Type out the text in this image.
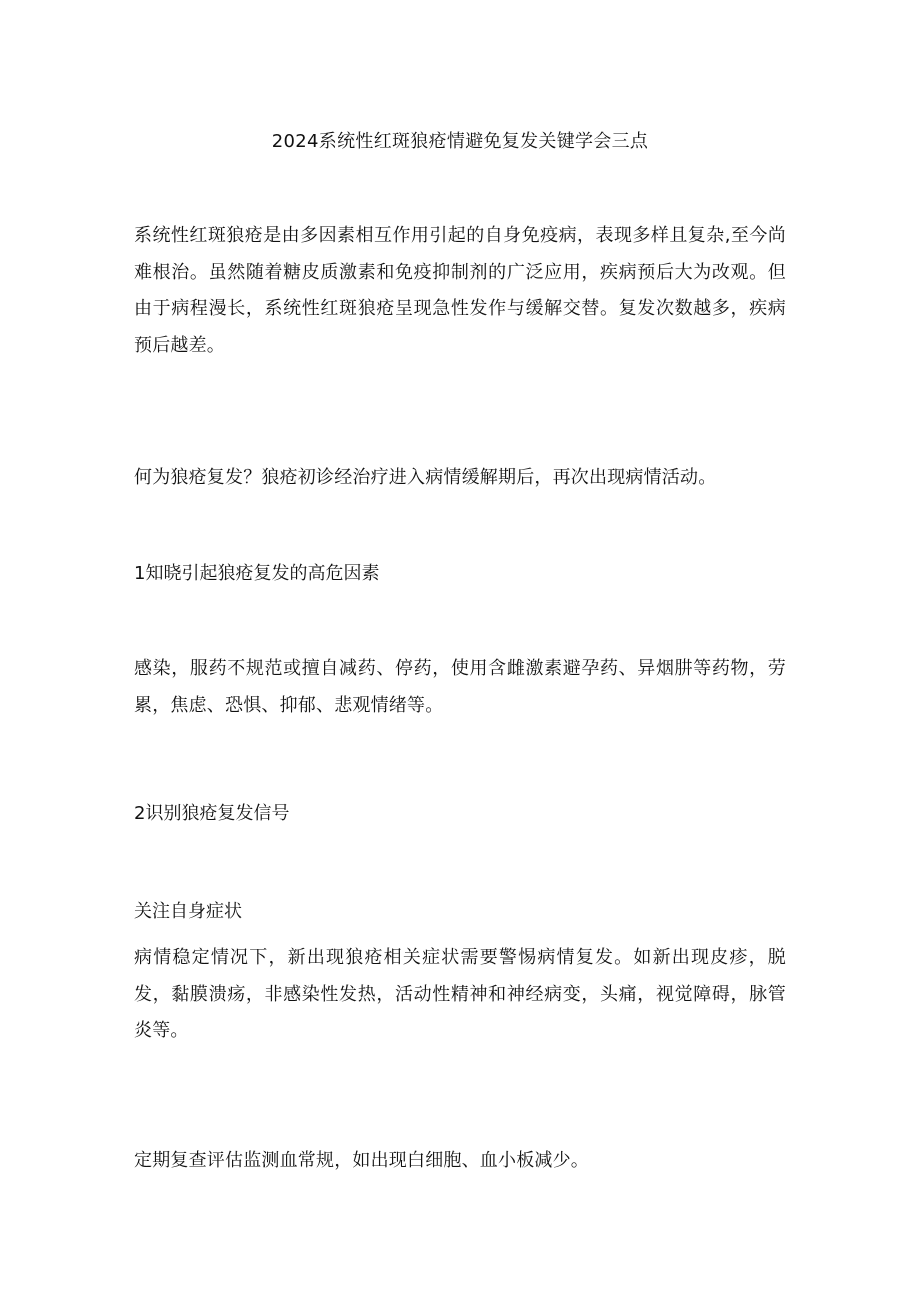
2024系统性红斑狼疮情避免复发关键学会三点

系统性红斑狼疮是由多因素相互作用引起的自身免疫病，表现多样且复杂,至今尚难根治。虽然随着糖皮质激素和免疫抑制剂的广泛应用，疾病预后大为改观。但由于病程漫长，系统性红斑狼疮呈现急性发作与缓解交替。复发次数越多，疾病预后越差。

何为狼疮复发？狼疮初诊经治疗进入病情缓解期后，再次出现病情活动。

1知晓引起狼疮复发的高危因素

感染，服药不规范或擅自减药、停药，使用含雌激素避孕药、异烟肼等药物，劳累，焦虑、恐惧、抑郁、悲观情绪等。

2识别狼疮复发信号
关注自身症状

病情稳定情况下，新出现狼疮相关症状需要警惕病情复发。如新出现皮疹，脱发，黏膜溃疡，非感染性发热，活动性精神和神经病变，头痛，视觉障碍，脉管炎等。

定期复查评估监测血常规，如出现白细胞、血小板减少。
